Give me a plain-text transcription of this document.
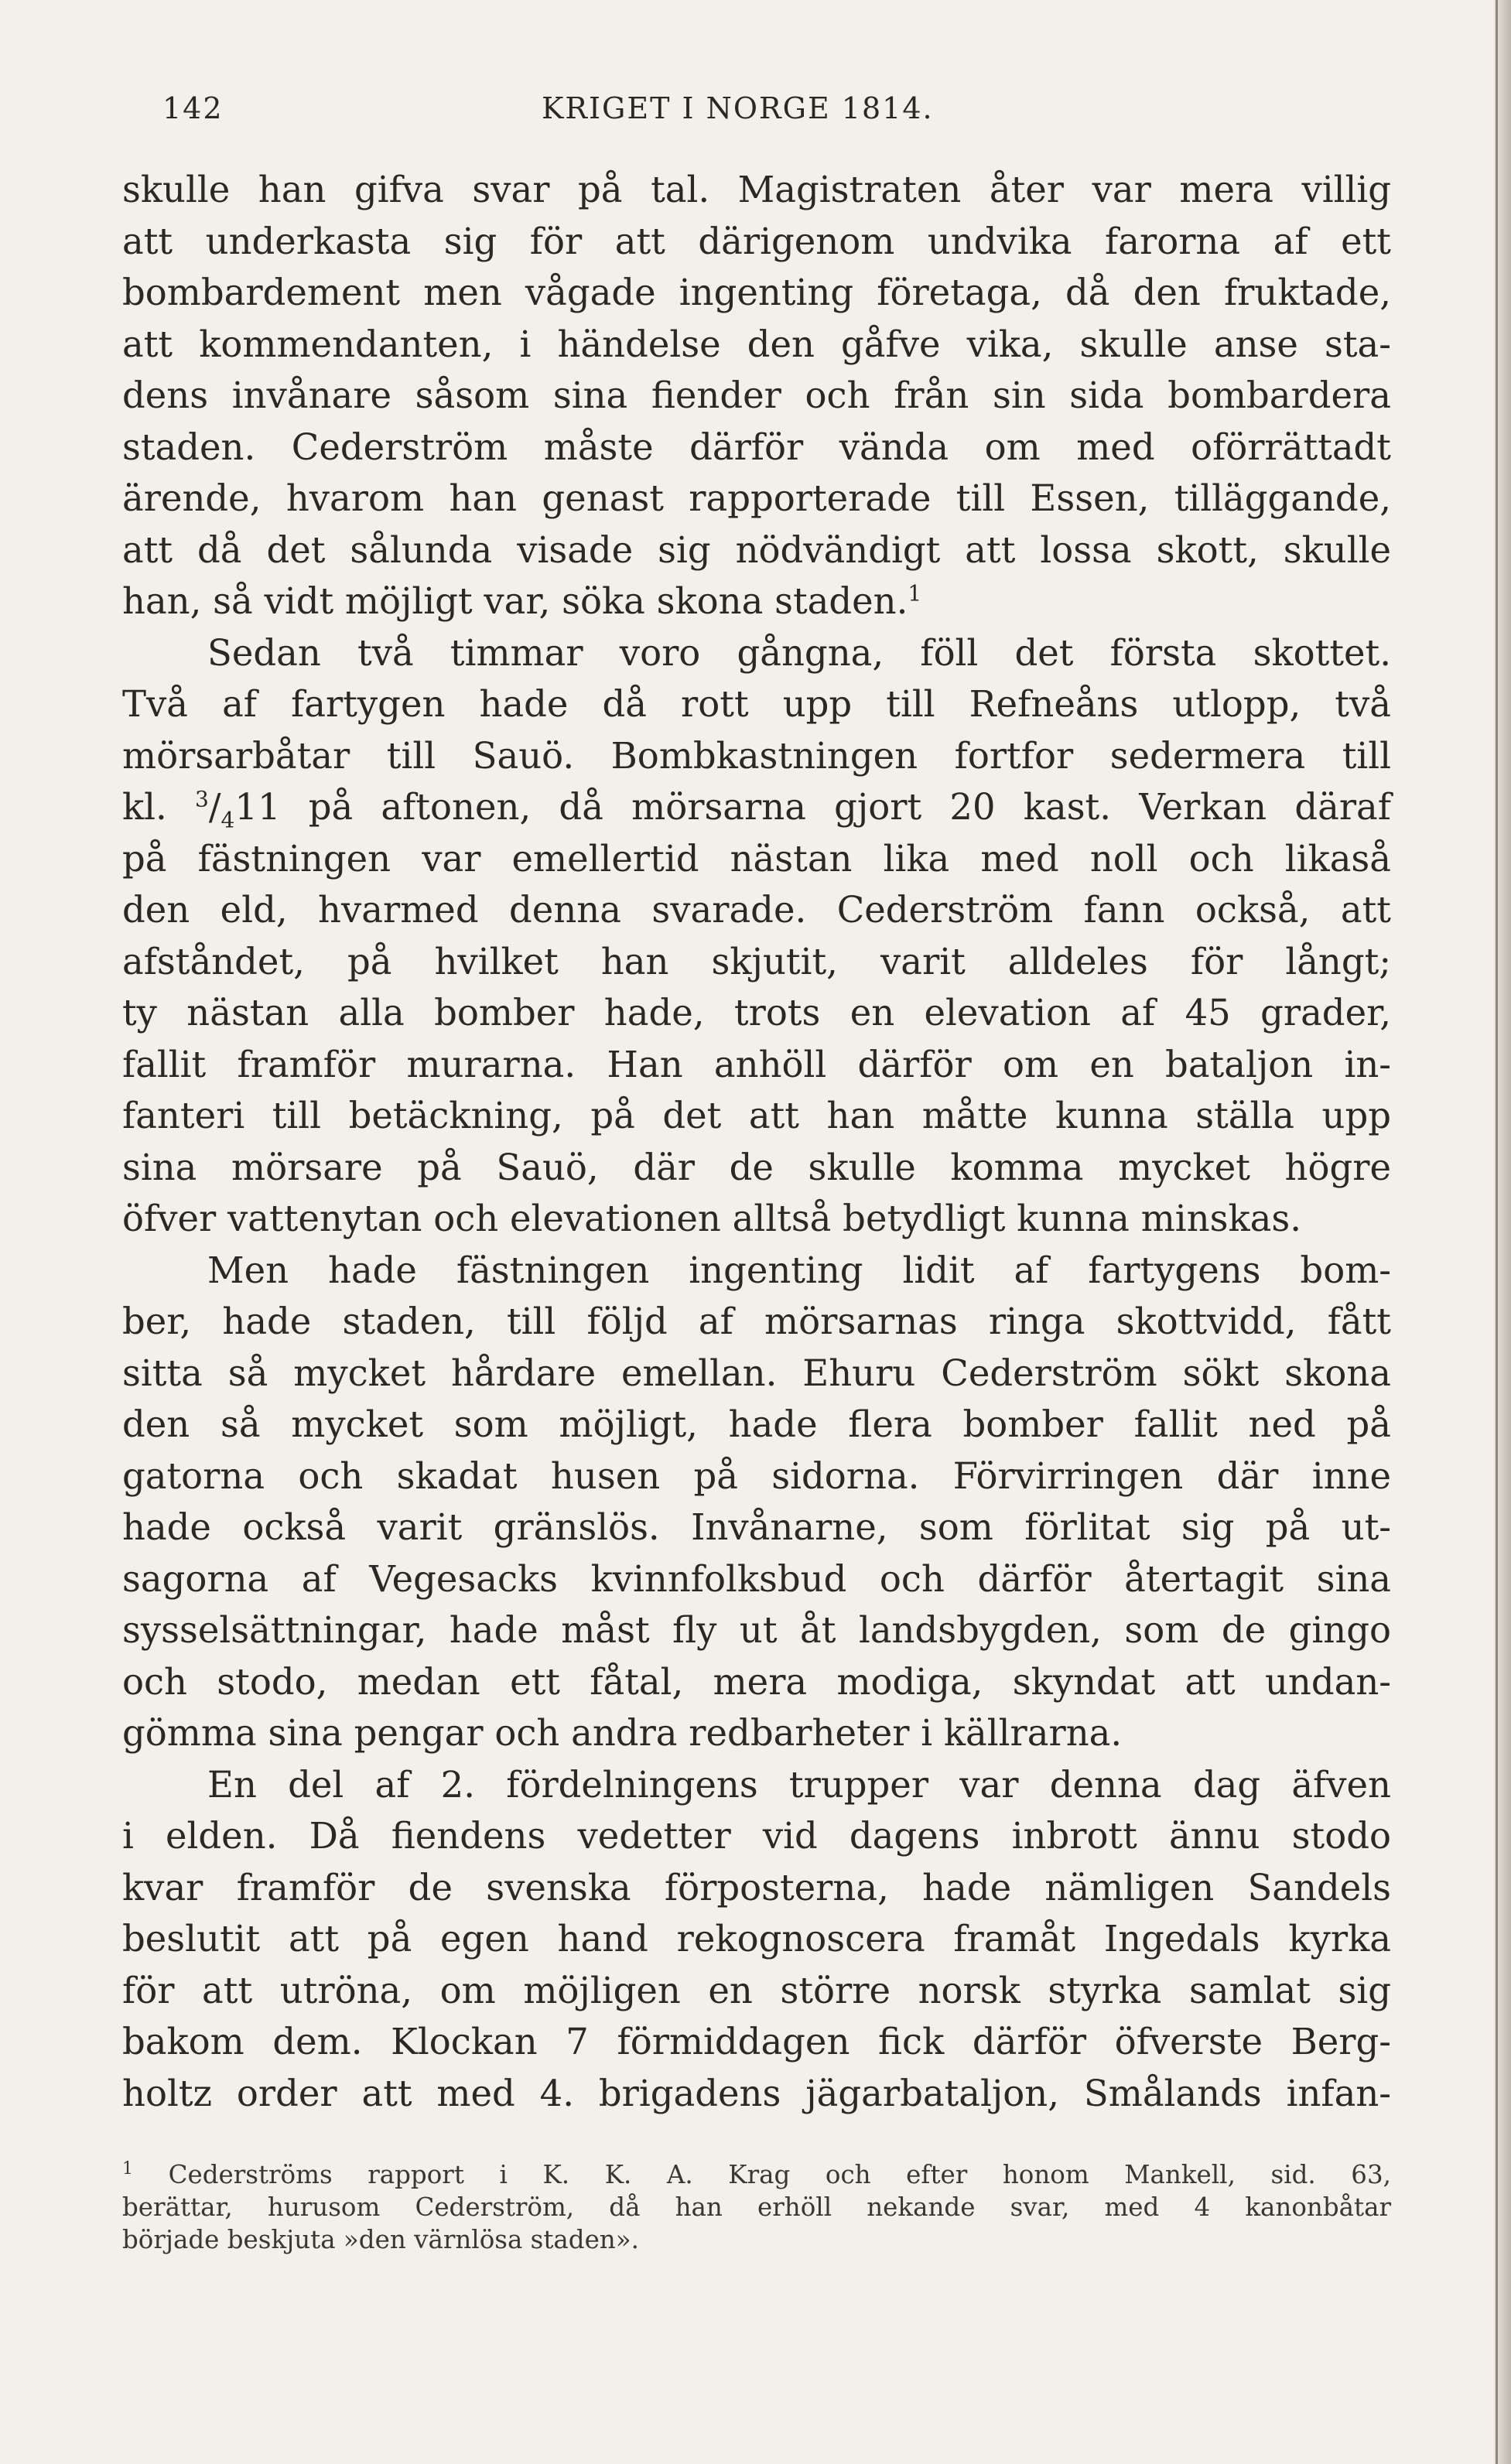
142	KRIGET I NORGE 1814.
skulle han gifva svar på tal. Magistraten åter var mera villig
att underkasta sig för att därigenom undvika farorna af ett
bombardement men vågade ingenting företaga, då den fruktade,
att kommendanten, i händelse den gåfve vika, skulle anse sta-
dens invånare såsom sina fiender och från sin sida bombardera
staden. Cederström måste därför vända om med oförrättadt
ärende, hvarom han genast rapporterade till Essen, tilläggande,
att då det sålunda visade sig nödvändigt att lossa skott, skulle
han, så vidt möjligt var, söka skona staden.$^1$
Sedan två timmar voro gångna, föll det första skottet.
Två af fartygen hade då rott upp till Refneåns utlopp, två
mörsarbåtar till Sauö. Bombkastningen fortfor sedermera till
kl. $^3/_411$ på aftonen, då mörsarna gjort 20 kast. Verkan däraf
på fästningen var emellertid nästan lika med noll och likaså
den eld, hvarmed denna svarade. Cederström fann också, att
afståndet, på hvilket han skjutit, varit alldeles för långt;
ty nästan alla bomber hade, trots en elevation af 45 grader,
fallit framför murarna. Han anhöll därför om en bataljon in-
fanteri till betäckning, på det att han måtte kunna ställa upp
sina mörsare på Sauö, där de skulle komma mycket högre
öfver vattenytan och elevationen alltså betydligt kunna minskas.
Men hade fästningen ingenting lidit af fartygens bom-
ber, hade staden, till följd af mörsarnas ringa skottvidd, fått
sitta så mycket hårdare emellan. Ehuru Cederström sökt skona
den så mycket som möjligt, hade flera bomber fallit ned på
gatorna och skadat husen på sidorna. Förvirringen där inne
hade också varit gränslös. Invånarne, som förlitat sig på ut-
sagorna af Vegesacks kvinnfolksbud och därför återtagit sina
sysselsättningar, hade måst fly ut åt landsbygden, som de gingo
och stodo, medan ett fåtal, mera modiga, skyndat att undan-
gömma sina pengar och andra redbarheter i källrarna.
En del af 2. fördelningens trupper var denna dag äfven
i elden. Då fiendens vedetter vid dagens inbrott ännu stodo
kvar framför de svenska förposterna, hade nämligen Sandels
beslutit att på egen hand rekognoscera framåt Ingedals kyrka
för att utröna, om möjligen en större norsk styrka samlat sig
bakom dem. Klockan 7 förmiddagen fick därför öfverste Berg-
holtz order att med 4. brigadens jägarbataljon, Smålands infan-
$^1$ Cederströms rapport i K. K. A. Krag och efter honom Mankell, sid. 63,
berättar, hurusom Cederström, då han erhöll nekande svar, med 4 kanonbåtar
började beskjuta »den värnlösa staden».
